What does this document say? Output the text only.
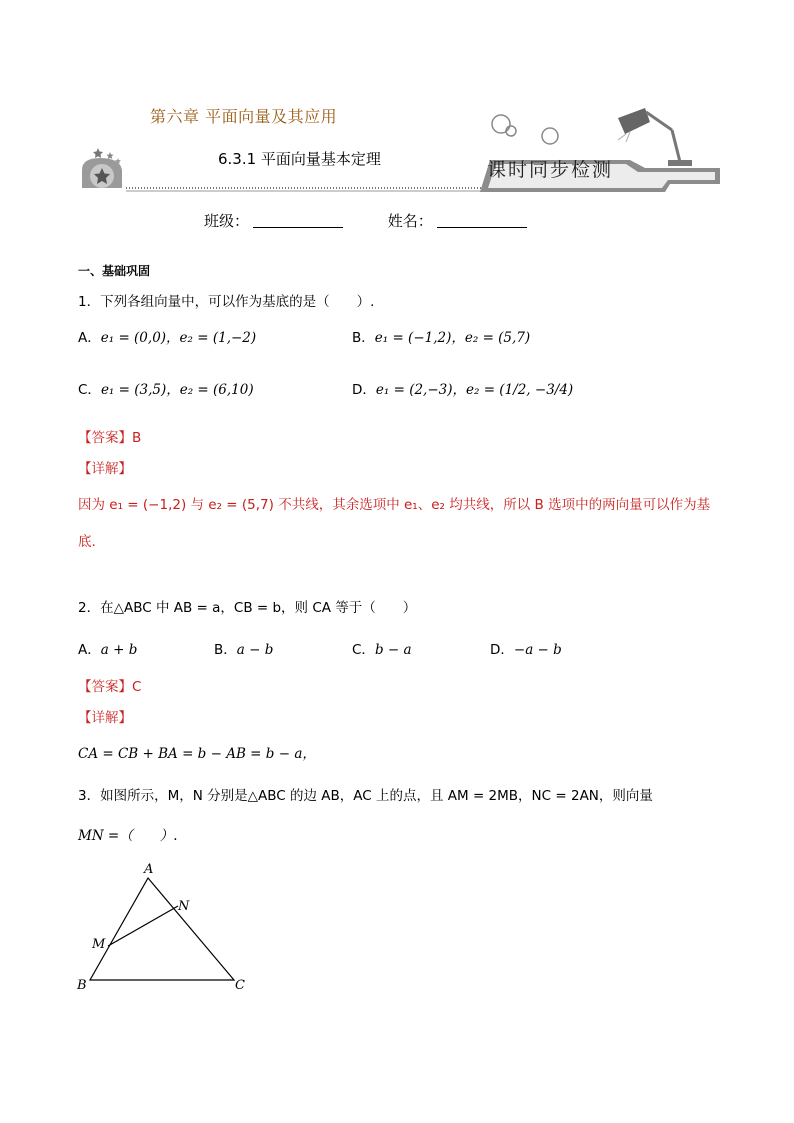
第六章 平面向量及其应用
6.3.1 平面向量基本定理	课时同步检测
班级：	姓名：
一、基础巩固
1．下列各组向量中，可以作为基底的是（　　）.
A．e₁ = (0,0)，e₂ = (1,−2)	B．e₁ = (−1,2)，e₂ = (5,7)
C．e₁ = (3,5)，e₂ = (6,10)	D．e₁ = (2,−3)，e₂ = (1/2, −3/4)
【答案】B
【详解】
因为 e₁ = (−1,2) 与 e₂ = (5,7) 不共线，其余选项中 e₁、e₂ 均共线，所以 B 选项中的两向量可以作为基
底.
2．在△ABC 中 AB = a，CB = b，则 CA 等于（　　）
A．a + b	B．a − b	C．b − a	D．−a − b
【答案】C
【详解】
CA = CB + BA = b − AB = b − a，
3．如图所示，M，N 分别是△ABC 的边 AB，AC 上的点，且 AM = 2MB，NC = 2AN，则向量
MN =（　　）.
A
N
M
B	C
